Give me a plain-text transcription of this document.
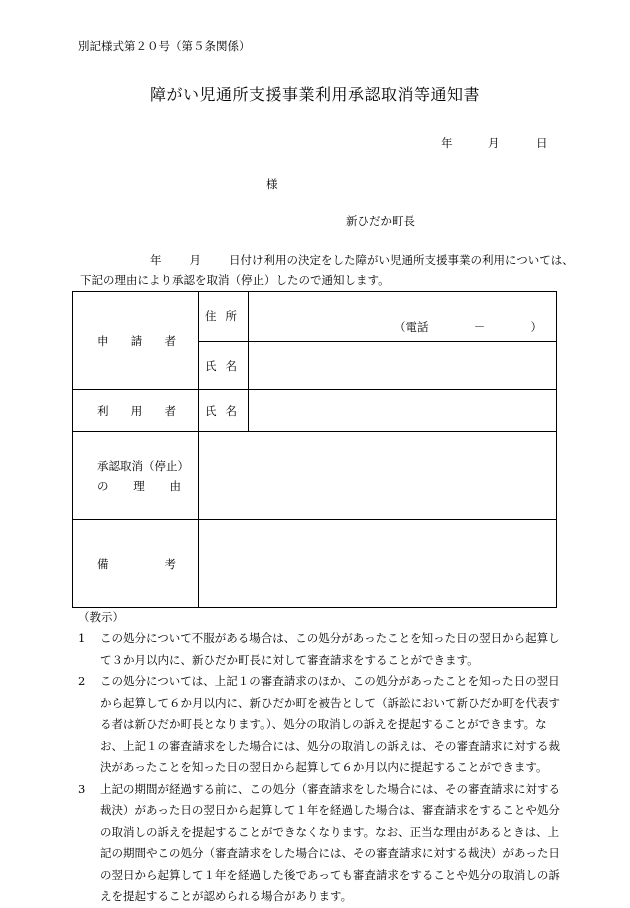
別記様式第２０号（第５条関係）
障がい児通所支援事業利用承認取消等通知書
年	月	日
様
新ひだか町長
年 月 日付け利用の決定をした障がい児通所支援事業の利用については、
下記の理由により承認を取消（停止）したので通知します。
申 請 者	住 所	（電話 － ）

	氏 名	

利 用 者	氏 名	

承認取消（停止）
の 理 由		

備 考		

（教示）
1	この処分について不服がある場合は、この処分があったことを知った日の翌日から起算して３か月以内に、新ひだか町長に対して審査請求をすることができます。
2	この処分については、上記１の審査請求のほか、この処分があったことを知った日の翌日から起算して６か月以内に、新ひだか町を被告として（訴訟において新ひだか町を代表する者は新ひだか町長となります。）、処分の取消しの訴えを提起することができます。なお、上記１の審査請求をした場合には、処分の取消しの訴えは、その審査請求に対する裁決があったことを知った日の翌日から起算して６か月以内に提起することができます。
3	上記の期間が経過する前に、この処分（審査請求をした場合には、その審査請求に対する裁決）があった日の翌日から起算して１年を経過した場合は、審査請求をすることや処分の取消しの訴えを提起することができなくなります。なお、正当な理由があるときは、上記の期間やこの処分（審査請求をした場合には、その審査請求に対する裁決）があった日の翌日から起算して１年を経過した後であっても審査請求をすることや処分の取消しの訴えを提起することが認められる場合があります。
